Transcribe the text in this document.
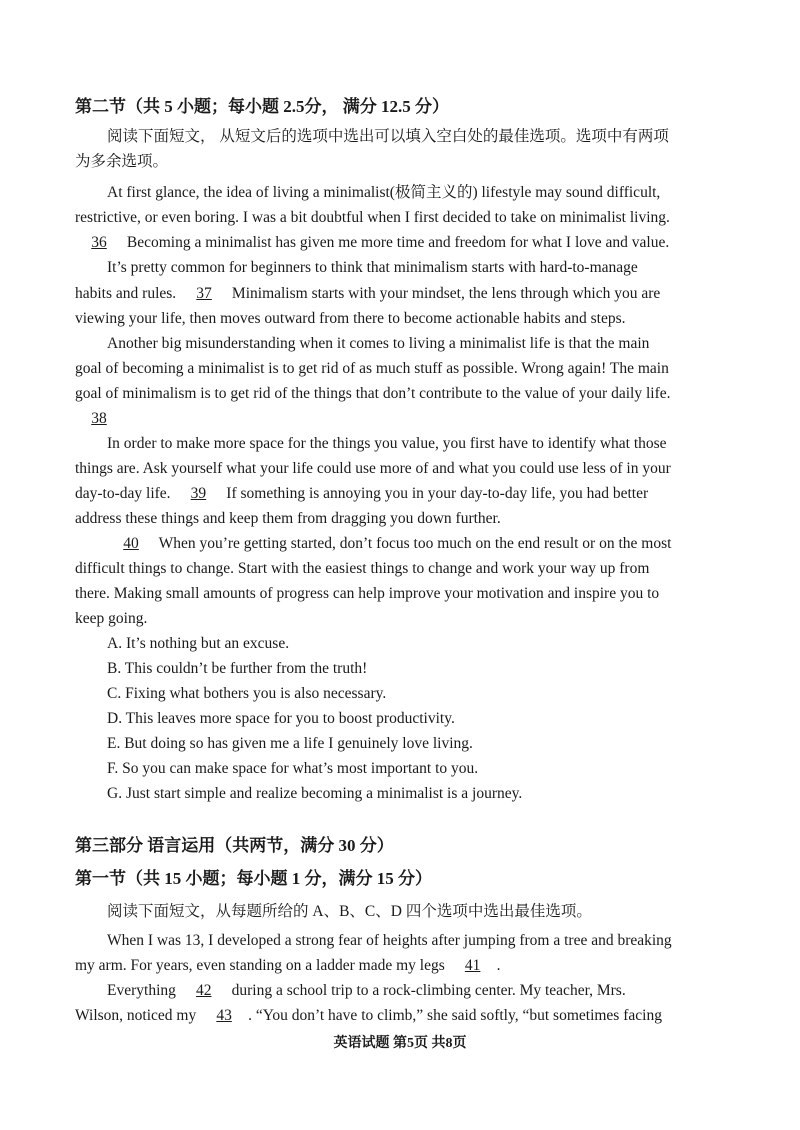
第二节（共 5 小题；每小题 2.5分， 满分 12.5 分）
阅读下面短文， 从短文后的选项中选出可以填入空白处的最佳选项。选项中有两项
为多余选项。
At first glance, the idea of living a minimalist(极简主义的) lifestyle may sound difficult,
restrictive, or even boring. I was a bit doubtful when I first decided to take on minimalist living.
36 Becoming a minimalist has given me more time and freedom for what I love and value.
It’s pretty common for beginners to think that minimalism starts with hard-to-manage
habits and rules. 37 Minimalism starts with your mindset, the lens through which you are
viewing your life, then moves outward from there to become actionable habits and steps.
Another big misunderstanding when it comes to living a minimalist life is that the main
goal of becoming a minimalist is to get rid of as much stuff as possible. Wrong again! The main
goal of minimalism is to get rid of the things that don’t contribute to the value of your daily life.
38
In order to make more space for the things you value, you first have to identify what those
things are. Ask yourself what your life could use more of and what you could use less of in your
day-to-day life. 39 If something is annoying you in your day-to-day life, you had better
address these things and keep them from dragging you down further.
40 When you’re getting started, don’t focus too much on the end result or on the most
difficult things to change. Start with the easiest things to change and work your way up from
there. Making small amounts of progress can help improve your motivation and inspire you to
keep going.
A. It’s nothing but an excuse.
B. This couldn’t be further from the truth!
C. Fixing what bothers you is also necessary.
D. This leaves more space for you to boost productivity.
E. But doing so has given me a life I genuinely love living.
F. So you can make space for what’s most important to you.
G. Just start simple and realize becoming a minimalist is a journey.
第三部分 语言运用（共两节，满分 30 分）
第一节（共 15 小题；每小题 1 分，满分 15 分）
阅读下面短文，从每题所给的 A、B、C、D 四个选项中选出最佳选项。
When I was 13, I developed a strong fear of heights after jumping from a tree and breaking
my arm. For years, even standing on a ladder made my legs 41 .
Everything 42 during a school trip to a rock-climbing center. My teacher, Mrs.
Wilson, noticed my 43 . “You don’t have to climb,” she said softly, “but sometimes facing
英语试题 第5页 共8页
